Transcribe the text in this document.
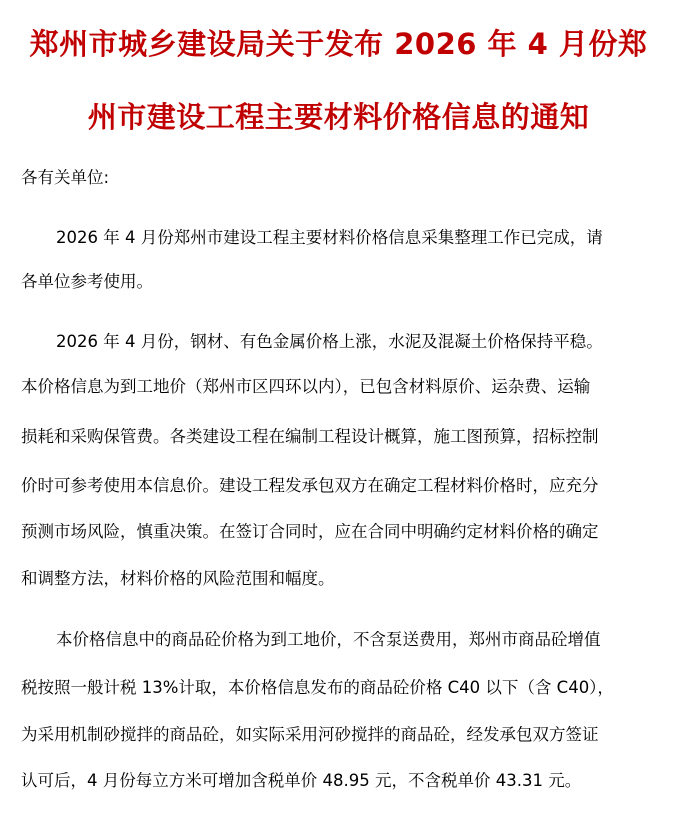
郑州市城乡建设局关于发布 2026 年 4 月份郑
州市建设工程主要材料价格信息的通知
各有关单位:
2026 年 4 月份郑州市建设工程主要材料价格信息采集整理工作已完成，请
各单位参考使用。
2026 年 4 月份，钢材、有色金属价格上涨，水泥及混凝土价格保持平稳。
本价格信息为到工地价（郑州市区四环以内），已包含材料原价、运杂费、运输
损耗和采购保管费。各类建设工程在编制工程设计概算，施工图预算，招标控制
价时可参考使用本信息价。建设工程发承包双方在确定工程材料价格时，应充分
预测市场风险，慎重决策。在签订合同时，应在合同中明确约定材料价格的确定
和调整方法，材料价格的风险范围和幅度。
本价格信息中的商品砼价格为到工地价，不含泵送费用，郑州市商品砼增值
税按照一般计税 13%计取，本价格信息发布的商品砼价格 C40 以下（含 C40），
为采用机制砂搅拌的商品砼，如实际采用河砂搅拌的商品砼，经发承包双方签证
认可后，4 月份每立方米可增加含税单价 48.95 元，不含税单价 43.31 元。
